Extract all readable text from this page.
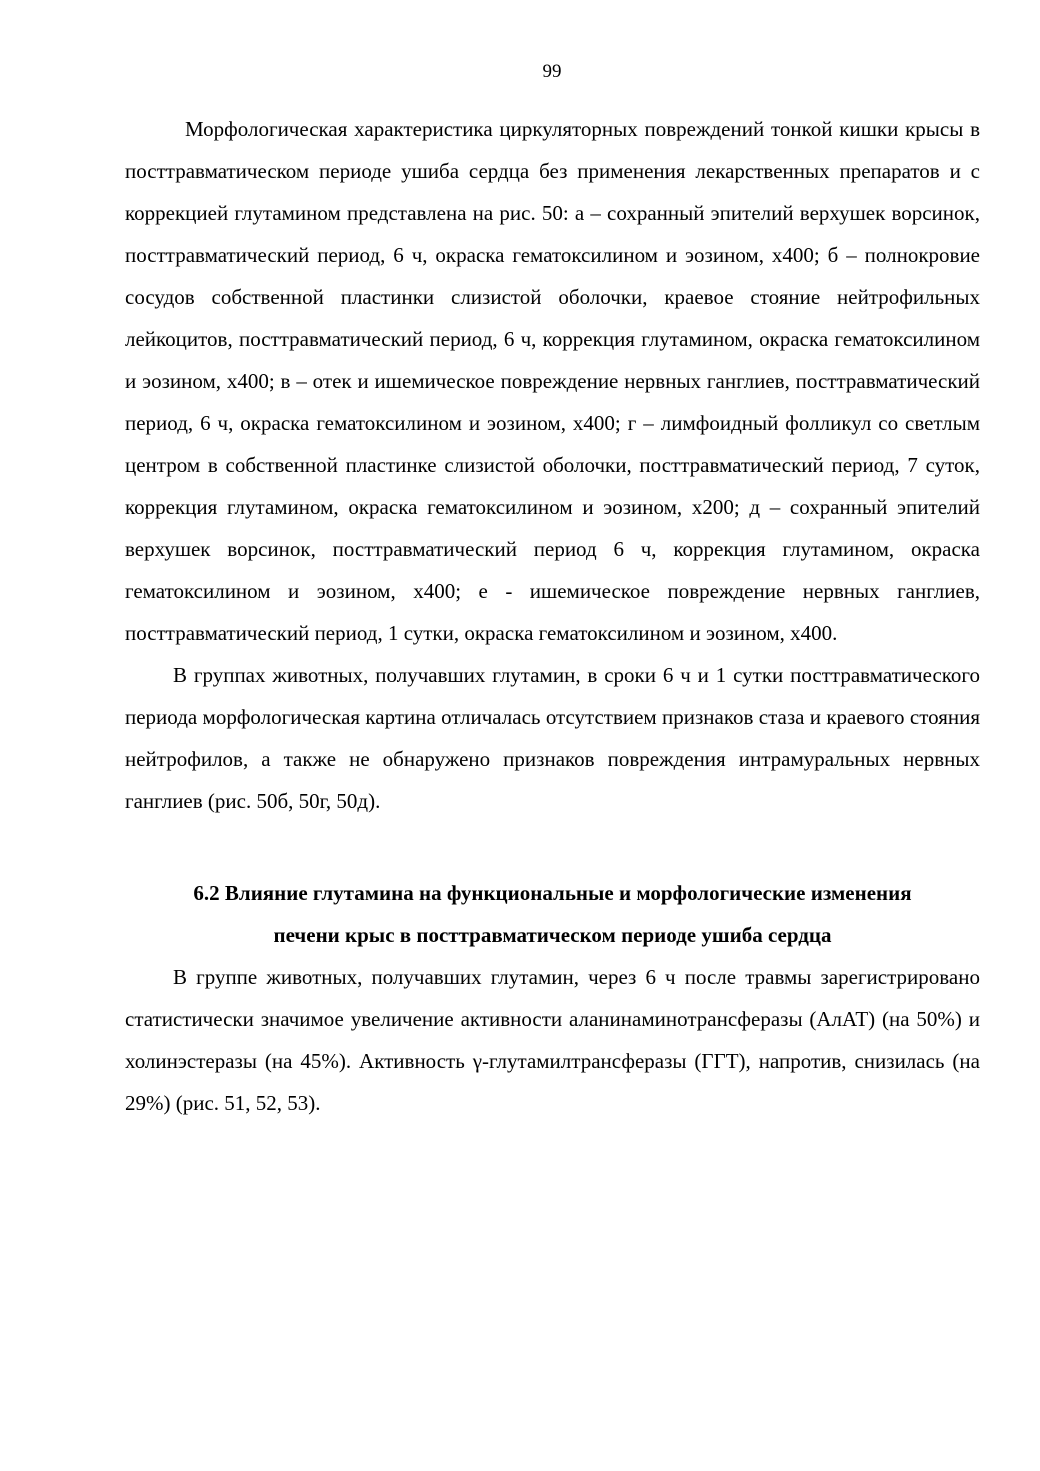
99

Морфологическая характеристика циркуляторных повреждений тонкой кишки крысы в посттравматическом периоде ушиба сердца без применения лекарственных препаратов и с коррекцией глутамином представлена на рис. 50: а – сохранный эпителий верхушек ворсинок, посттравматический период, 6 ч, окраска гематоксилином и эозином, х400; б – полнокровие сосудов собственной пластинки слизистой оболочки, краевое стояние нейтрофильных лейкоцитов, посттравматический период, 6 ч, коррекция глутамином, окраска гематоксилином и эозином, х400; в – отек и ишемическое повреждение нервных ганглиев, посттравматический период, 6 ч, окраска гематоксилином и эозином, х400; г – лимфоидный фолликул со светлым центром в собственной пластинке слизистой оболочки, посттравматический период, 7 суток, коррекция глутамином, окраска гематоксилином и эозином, х200; д – сохранный эпителий верхушек ворсинок, посттравматический период 6 ч, коррекция глутамином, окраска гематоксилином и эозином, х400; е - ишемическое повреждение нервных ганглиев, посттравматический период, 1 сутки, окраска гематоксилином и эозином, х400.

В группах животных, получавших глутамин, в сроки 6 ч и 1 сутки посттравматического периода морфологическая картина отличалась отсутствием признаков стаза и краевого стояния нейтрофилов, а также не обнаружено признаков повреждения интрамуральных нервных ганглиев (рис. 50б, 50г, 50д).

6.2 Влияние глутамина на функциональные и морфологические изменения
печени крыс в посттравматическом периоде ушиба сердца

В группе животных, получавших глутамин, через 6 ч после травмы зарегистрировано статистически значимое увеличение активности аланинаминотрансферазы (АлАТ) (на 50%) и холинэстеразы (на 45%). Активность γ-глутамилтрансферазы (ГГТ), напротив, снизилась (на 29%) (рис. 51, 52, 53).
